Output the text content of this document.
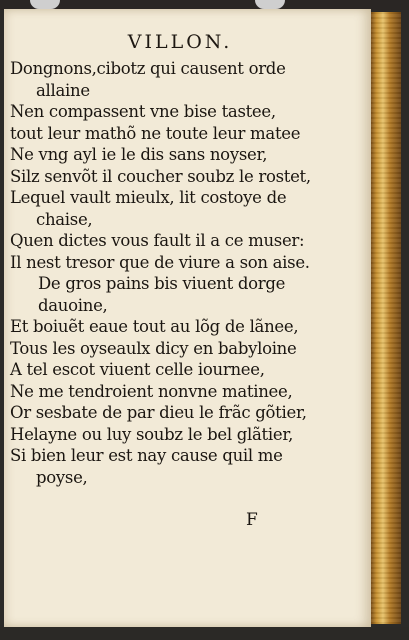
VILLON.
Dongnons,cibotz qui causent orde
allaine
Nen compassent vne bise tastee,
tout leur mathõ ne toute leur matee
Ne vng ayl ie le dis sans noyser,
Silz senvõt il coucher soubz le rostet,
Lequel vault mieulx, lit costoye de
chaise,
Quen dictes vous fault il a ce muser:
Il nest tresor que de viure a son aise.
De gros pains bis viuent dorge
dauoine,
Et boiuẽt eaue tout au lõg de lãnee,
Tous les oyseaulx dicy en babyloine
A tel escot viuent celle iournee,
Ne me tendroient nonvne matinee,
Or sesbate de par dieu le frãc gõtier,
Helayne ou luy soubz le bel glãtier,
Si bien leur est nay cause quil me
poyse,
F
